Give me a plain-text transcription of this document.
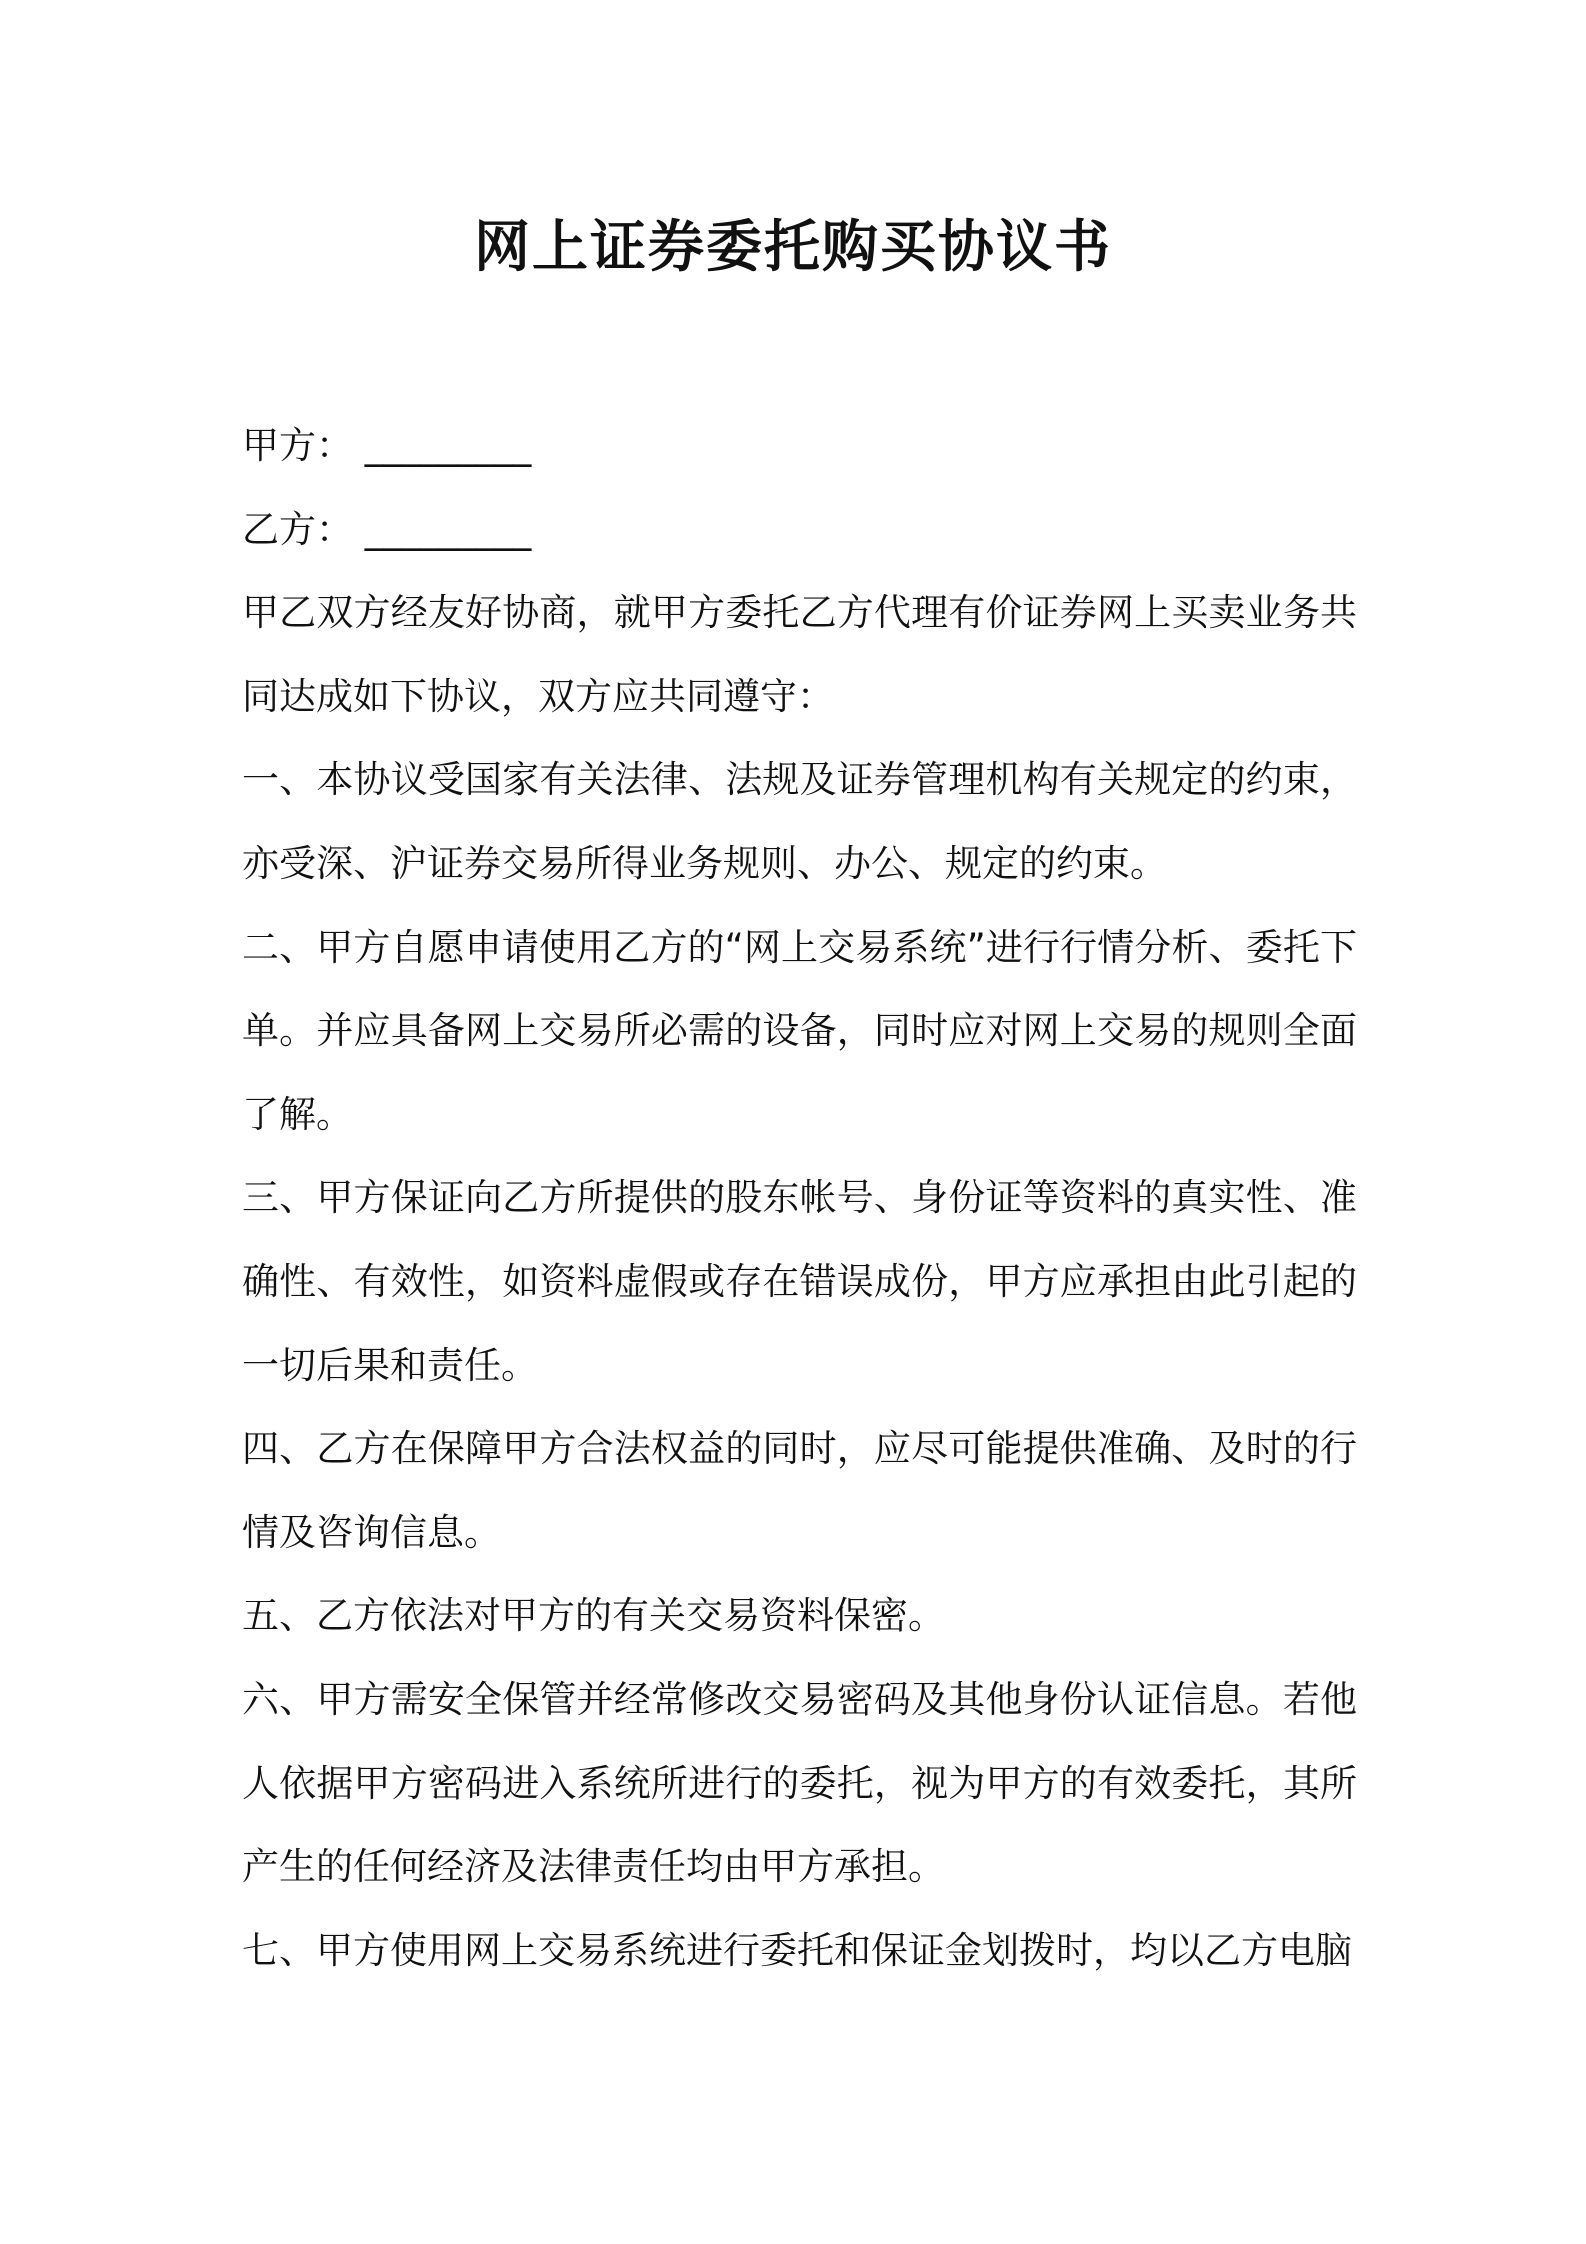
网上证券委托购买协议书
甲方： _________
乙方： _________

甲乙双方经友好协商，就甲方委托乙方代理有价证券网上买卖业务共同达成如下协议，双方应共同遵守：

一、本协议受国家有关法律、法规及证券管理机构有关规定的约束，亦受深、沪证券交易所得业务规则、办公、规定的约束。

二、甲方自愿申请使用乙方的“网上交易系统”进行行情分析、委托下单。并应具备网上交易所必需的设备，同时应对网上交易的规则全面了解。

三、甲方保证向乙方所提供的股东帐号、身份证等资料的真实性、准确性、有效性，如资料虚假或存在错误成份，甲方应承担由此引起的一切后果和责任。

四、乙方在保障甲方合法权益的同时，应尽可能提供准确、及时的行情及咨询信息。

五、乙方依法对甲方的有关交易资料保密。

六、甲方需安全保管并经常修改交易密码及其他身份认证信息。若他人依据甲方密码进入系统所进行的委托，视为甲方的有效委托，其所产生的任何经济及法律责任均由甲方承担。

七、甲方使用网上交易系统进行委托和保证金划拨时，均以乙方电脑
